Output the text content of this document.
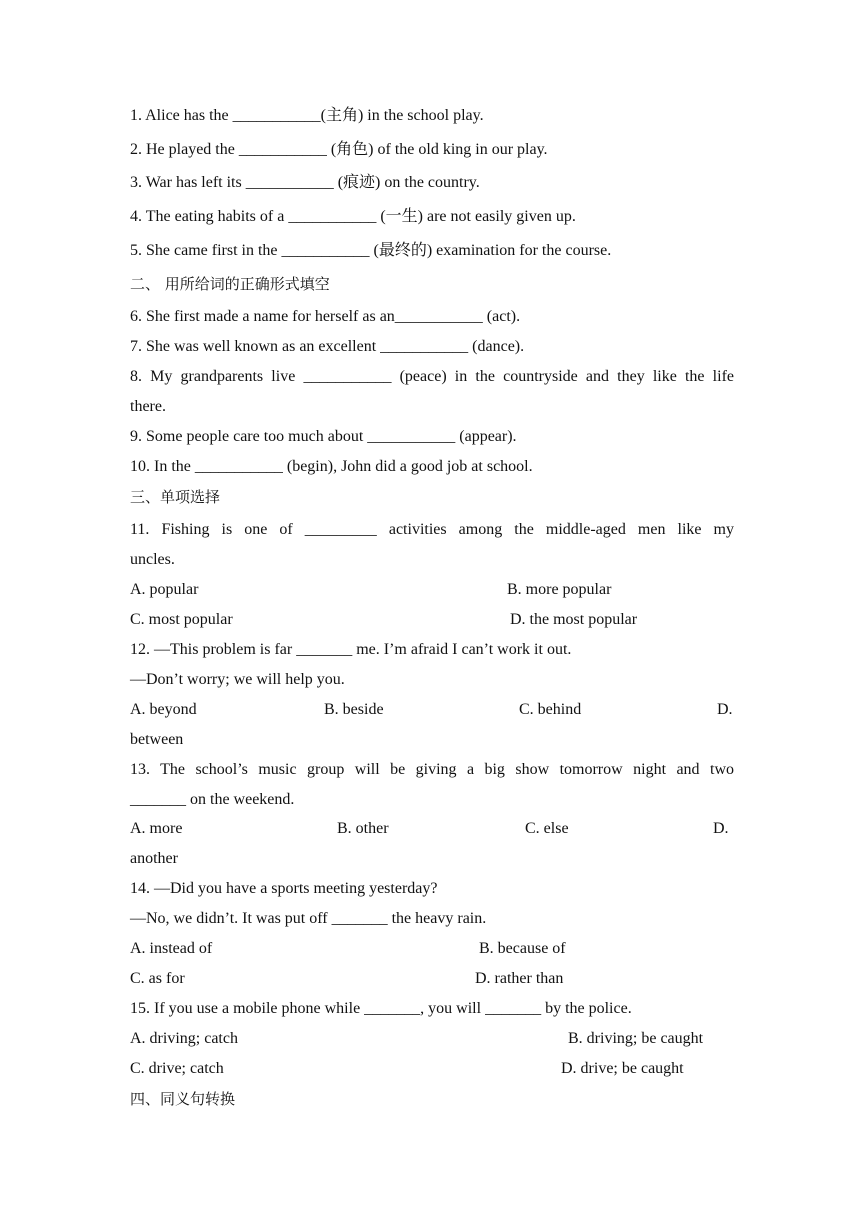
1. Alice has the ___________(主角) in the school play.
2. He played the ___________ (角色) of the old king in our play.
3. War has left its ___________ (痕迹) on the country.
4. The eating habits of a ___________ (一生) are not easily given up.
5. She came first in the ___________ (最终的) examination for the course.
二、 用所给词的正确形式填空
6. She first made a name for herself as an___________ (act).
7. She was well known as an excellent ___________ (dance).
8. My grandparents live ___________ (peace) in the countryside and they like the life
there.
9. Some people care too much about ___________ (appear).
10. In the ___________ (begin), John did a good job at school.
三、单项选择
11. Fishing is one of _________ activities among the middle-aged men like my
uncles.
A. popular	B. more popular
C. most popular	D. the most popular
12. —This problem is far _______ me. I’m afraid I can’t work it out.
—Don’t worry; we will help you.
A. beyond	B. beside	C. behind	D.
between
13. The school’s music group will be giving a big show tomorrow night and two
_______ on the weekend.
A. more	B. other	C. else	D.
another
14. —Did you have a sports meeting yesterday?
—No, we didn’t. It was put off _______ the heavy rain.
A. instead of	B. because of
C. as for	D. rather than
15. If you use a mobile phone while _______, you will _______ by the police.
A. driving; catch	B. driving; be caught
C. drive; catch	D. drive; be caught
四、同义句转换
